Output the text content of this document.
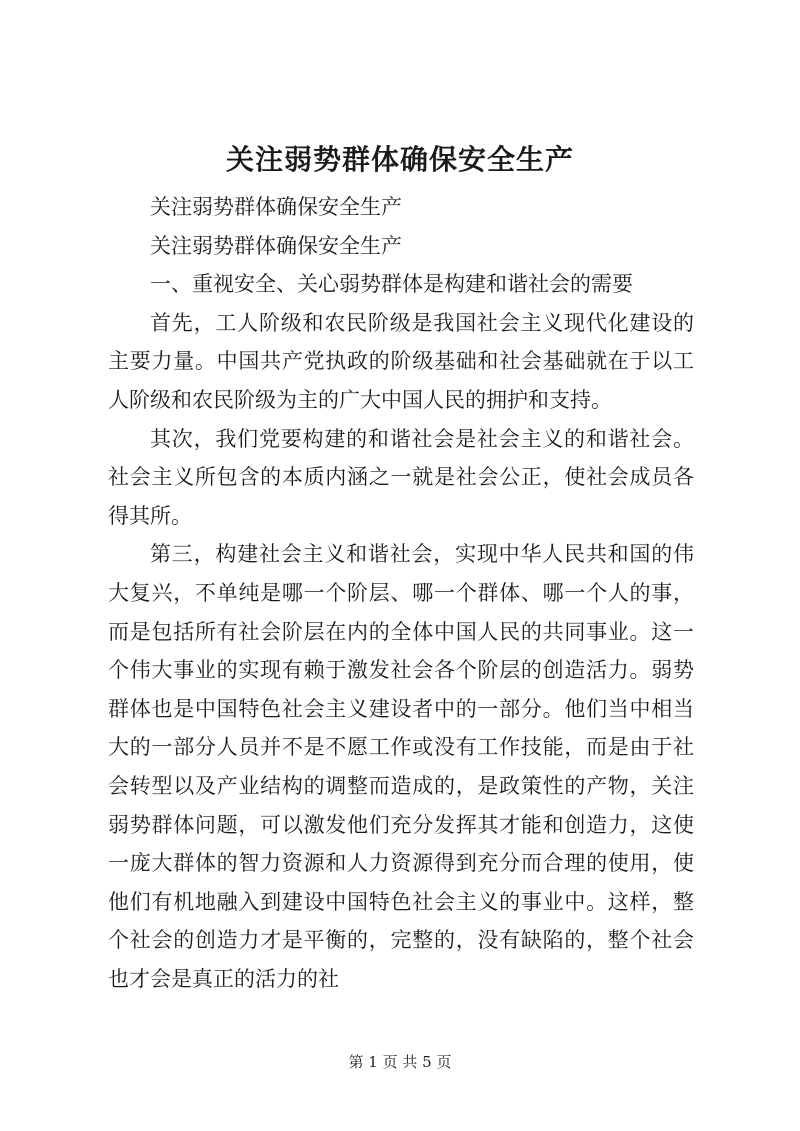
关注弱势群体确保安全生产

关注弱势群体确保安全生产

关注弱势群体确保安全生产

一、重视安全、关心弱势群体是构建和谐社会的需要

首先，工人阶级和农民阶级是我国社会主义现代化建设的主要力量。中国共产党执政的阶级基础和社会基础就在于以工人阶级和农民阶级为主的广大中国人民的拥护和支持。

其次，我们党要构建的和谐社会是社会主义的和谐社会。社会主义所包含的本质内涵之一就是社会公正，使社会成员各得其所。

第三，构建社会主义和谐社会，实现中华人民共和国的伟大复兴，不单纯是哪一个阶层、哪一个群体、哪一个人的事，而是包括所有社会阶层在内的全体中国人民的共同事业。这一个伟大事业的实现有赖于激发社会各个阶层的创造活力。弱势群体也是中国特色社会主义建设者中的一部分。他们当中相当大的一部分人员并不是不愿工作或没有工作技能，而是由于社会转型以及产业结构的调整而造成的，是政策性的产物，关注弱势群体问题，可以激发他们充分发挥其才能和创造力，这使一庞大群体的智力资源和人力资源得到充分而合理的使用，使他们有机地融入到建设中国特色社会主义的事业中。这样，整个社会的创造力才是平衡的，完整的，没有缺陷的，整个社会也才会是真正的活力的社

第 1 页 共 5 页
